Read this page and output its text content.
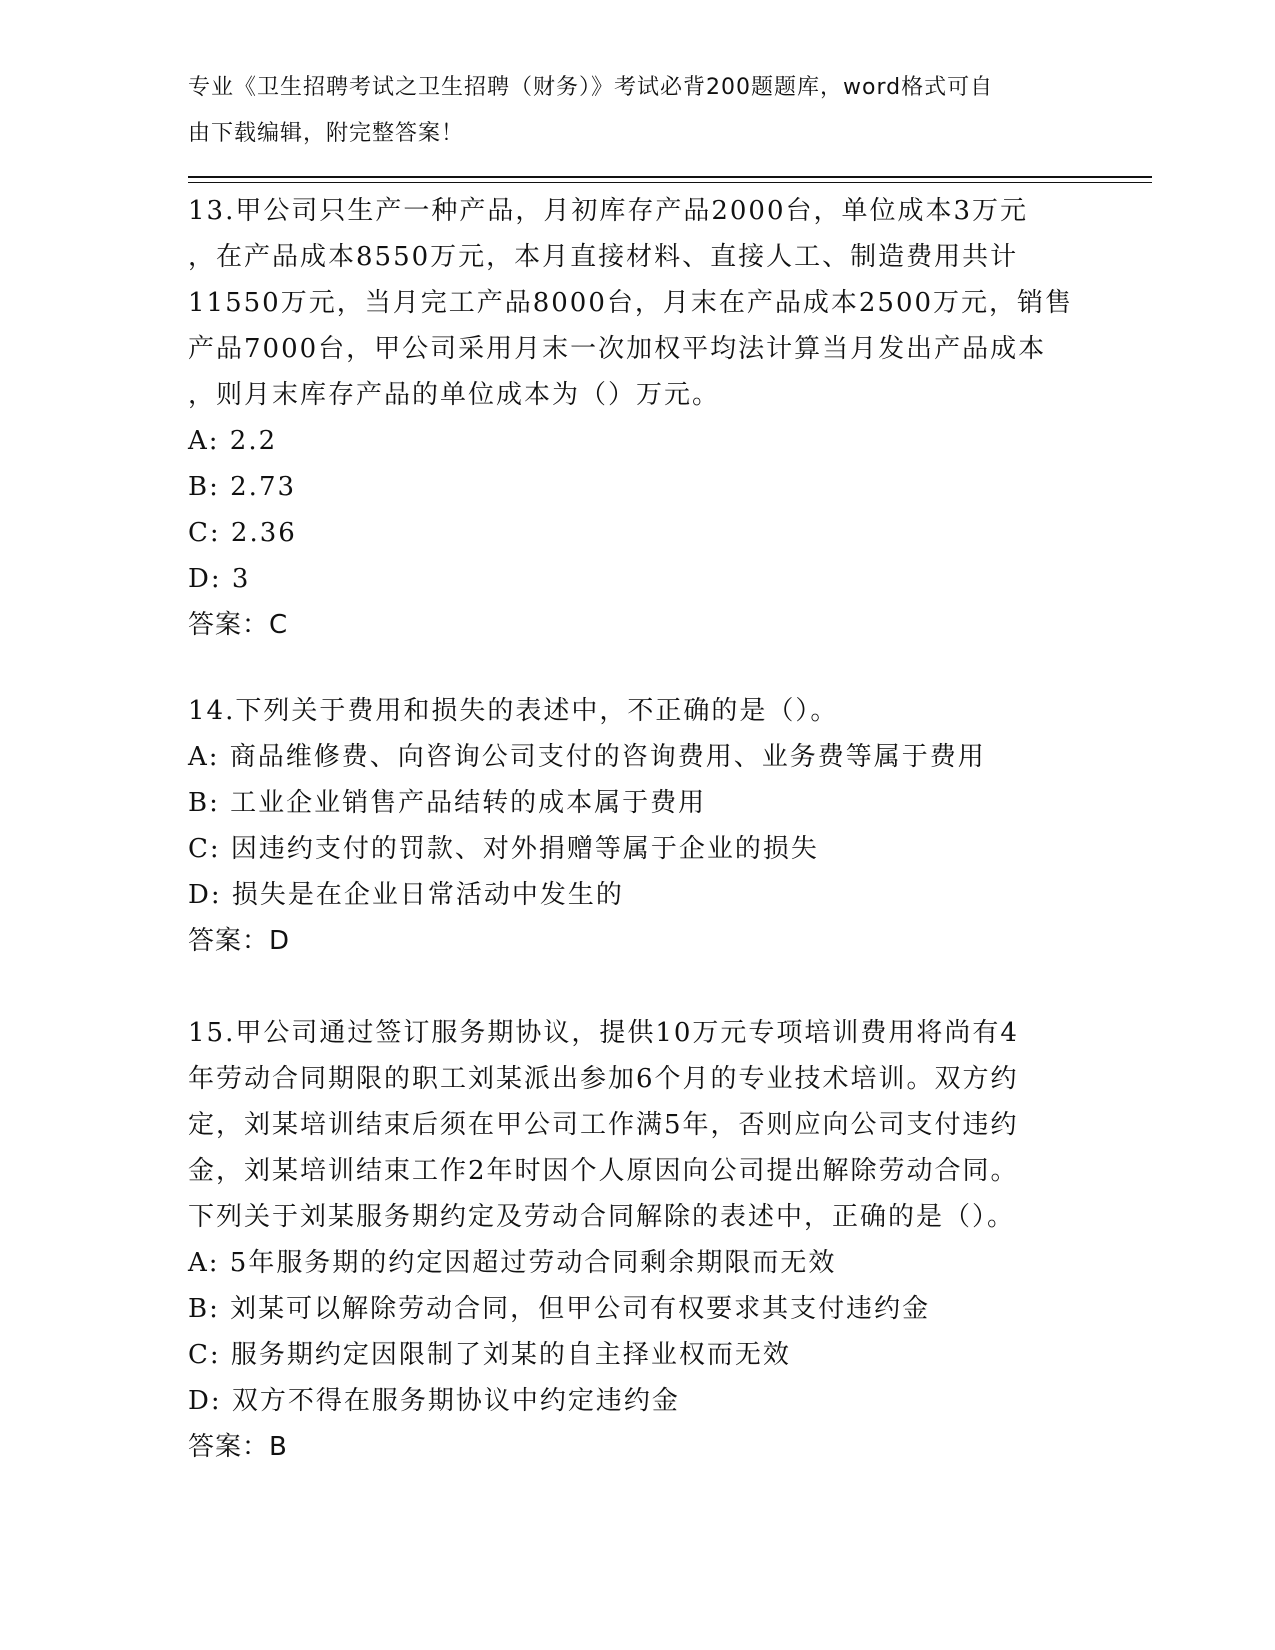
专业《卫生招聘考试之卫生招聘（财务）》考试必背200题题库，word格式可自
由下载编辑，附完整答案！
13.甲公司只生产一种产品，月初库存产品2000台，单位成本3万元
，在产品成本8550万元，本月直接材料、直接人工、制造费用共计
11550万元，当月完工产品8000台，月末在产品成本2500万元，销售
产品7000台，甲公司采用月末一次加权平均法计算当月发出产品成本
，则月末库存产品的单位成本为（）万元。
A: 2.2
B: 2.73
C: 2.36
D: 3
答案：C
14.下列关于费用和损失的表述中，不正确的是（）。
A: 商品维修费、向咨询公司支付的咨询费用、业务费等属于费用
B: 工业企业销售产品结转的成本属于费用
C: 因违约支付的罚款、对外捐赠等属于企业的损失
D: 损失是在企业日常活动中发生的
答案：D
15.甲公司通过签订服务期协议，提供10万元专项培训费用将尚有4
年劳动合同期限的职工刘某派出参加6个月的专业技术培训。双方约
定，刘某培训结束后须在甲公司工作满5年，否则应向公司支付违约
金，刘某培训结束工作2年时因个人原因向公司提出解除劳动合同。
下列关于刘某服务期约定及劳动合同解除的表述中，正确的是（）。
A: 5年服务期的约定因超过劳动合同剩余期限而无效
B: 刘某可以解除劳动合同，但甲公司有权要求其支付违约金
C: 服务期约定因限制了刘某的自主择业权而无效
D: 双方不得在服务期协议中约定违约金
答案：B
